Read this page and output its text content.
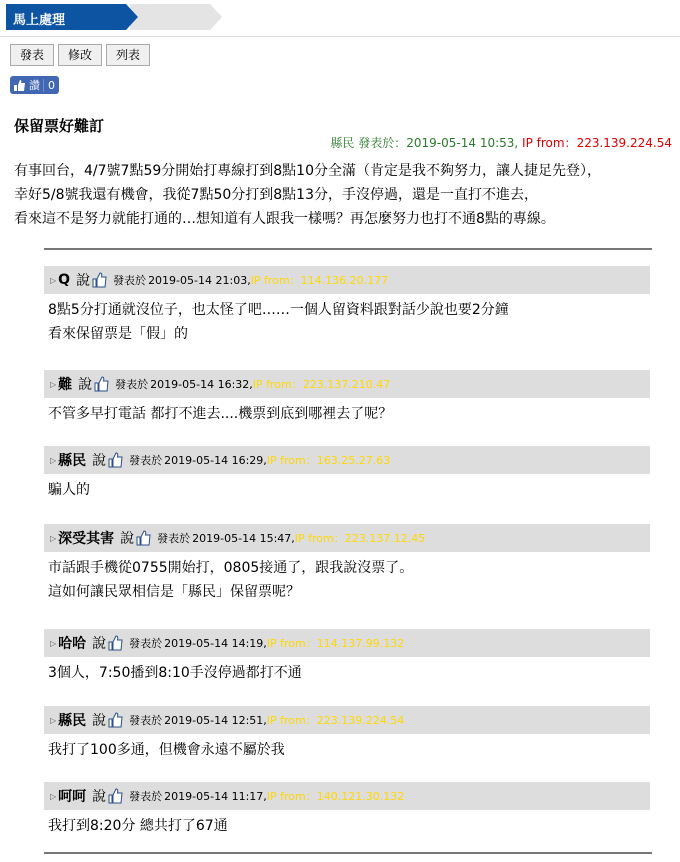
馬上處理
發表	修改	列表
讚 0
保留票好難訂
縣民 發表於：2019-05-14 10:53, IP from：223.139.224.54
有事回台，4/7號7點59分開始打專線打到8點10分全滿（肯定是我不夠努力，讓人捷足先登），
幸好5/8號我還有機會，我從7點50分打到8點13分，手沒停過，還是一直打不進去，
看來這不是努力就能打通的…想知道有人跟我一樣嗎？再怎麼努力也打不通8點的專線。
▷ Q 說 發表於 2019-05-14 21:03 , IP from：114.136.20.177
8點5分打通就沒位子，也太怪了吧……一個人留資料跟對話少說也要2分鐘
看來保留票是「假」的
▷ 難 說 發表於 2019-05-14 16:32 , IP from：223.137.210.47
不管多早打電話 都打不進去....機票到底到哪裡去了呢？
▷ 縣民 說 發表於 2019-05-14 16:29 , IP from：163.25.27.63
騙人的
▷ 深受其害 說 發表於 2019-05-14 15:47 , IP from：223.137.12.45
市話跟手機從0755開始打，0805接通了，跟我說沒票了。
這如何讓民眾相信是「縣民」保留票呢？
▷ 哈哈 說 發表於 2019-05-14 14:19 , IP from：114.137.99.132
3個人，7:50播到8:10手沒停過都打不通
▷ 縣民 說 發表於 2019-05-14 12:51 , IP from：223.139.224.54
我打了100多通，但機會永遠不屬於我
▷ 呵呵 說 發表於 2019-05-14 11:17 , IP from：140.121.30.132
我打到8:20分 總共打了67通
